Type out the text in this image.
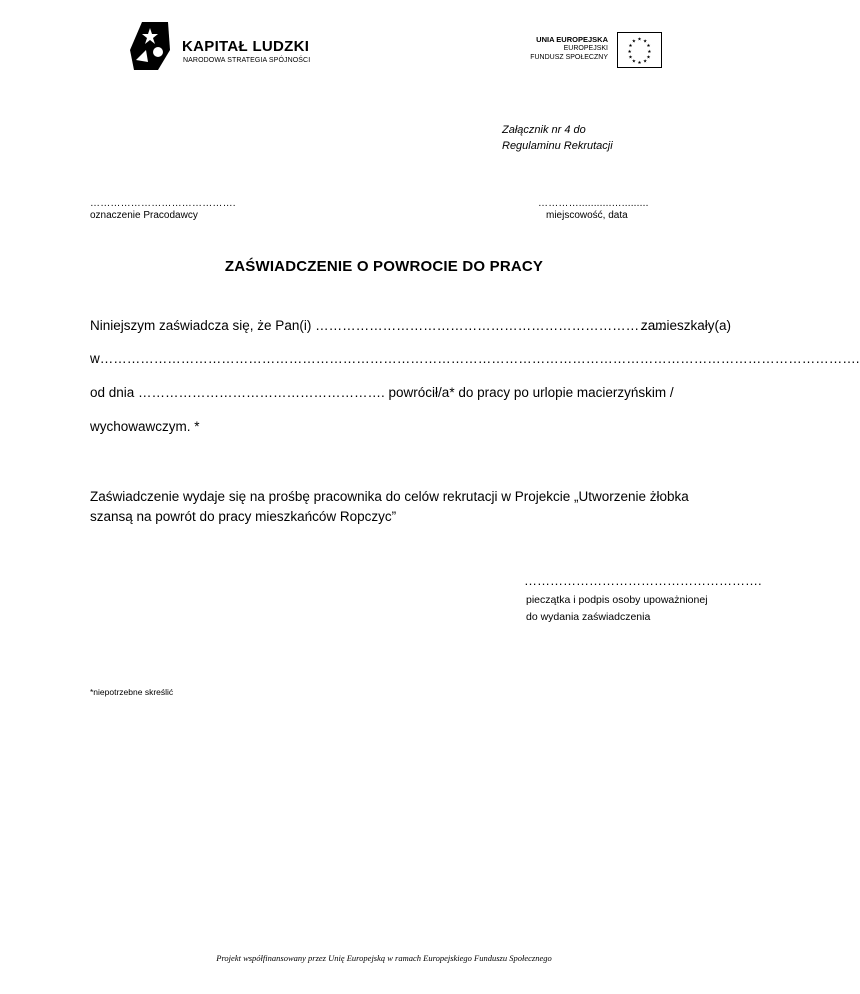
KAPITAŁ LUDZKI
NARODOWA STRATEGIA SPÓJNOŚCI
UNIA EUROPEJSKA
EUROPEJSKI
FUNDUSZ SPOŁECZNY
★ ★
★
★
★
★
★
★
★
★
★
★
Załącznik nr 4 do
Regulaminu Rekrutacji
…………………………………….
oznaczenie Pracodawcy
…………...........….........
miejscowość, data
ZAŚWIADCZENIE O POWROCIE DO PRACY
Niniejszym zaświadcza się, że Pan(i) ……………………………………………………………………
zamieszkały(a)
w…………………………………………………………………………………………………………………………………………………….
od dnia ………………………………………………. powrócił/a* do pracy po urlopie macierzyńskim /
wychowawczym. *
Zaświadczenie wydaje się na prośbę pracownika do celów rekrutacji w Projekcie „Utworzenie żłobka szansą na powrót do pracy mieszkańców Ropczyc”
……………………………………………….
pieczątka i podpis osoby upoważnionej
do wydania zaświadczenia
*niepotrzebne skreślić
Projekt współfinansowany przez Unię Europejską w ramach Europejskiego Funduszu Społecznego
